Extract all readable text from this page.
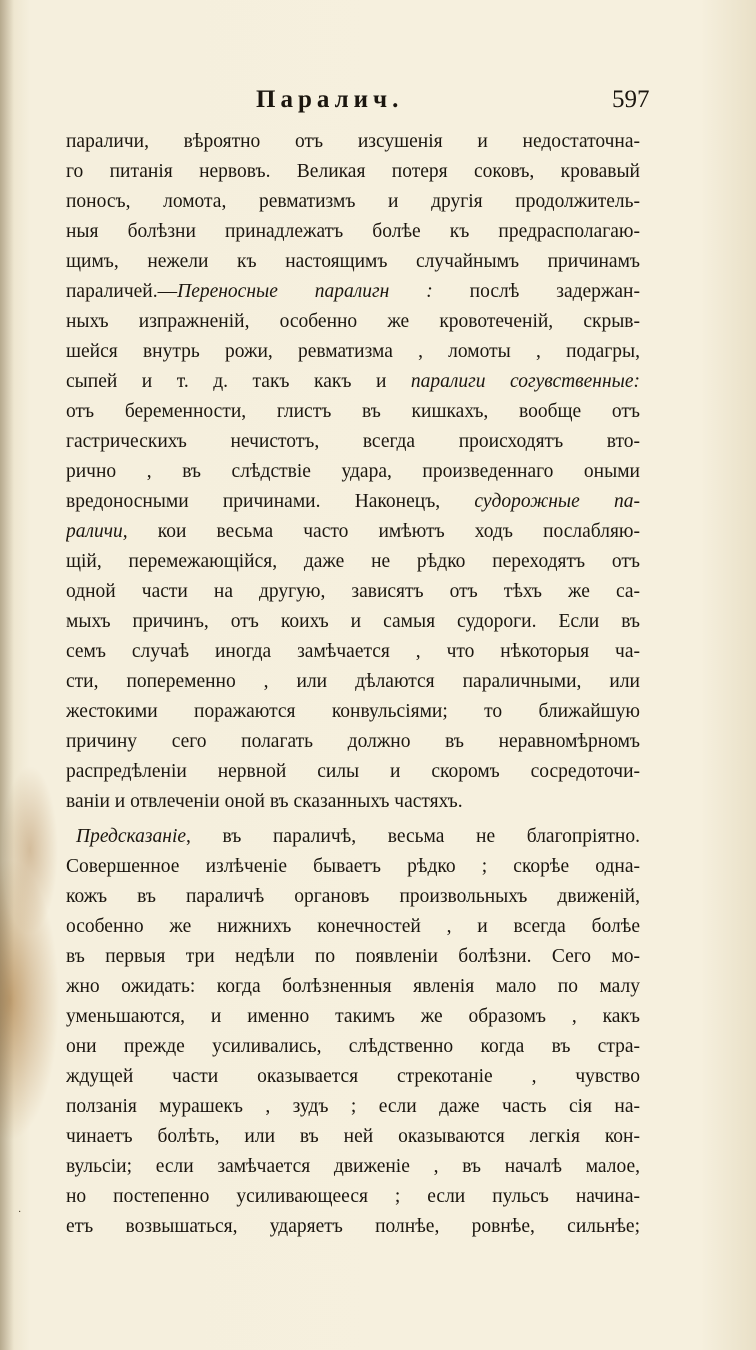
Паралич.	597
параличи, вѣроятно отъ изсушенія и недостаточна-
го питанія нервовъ. Великая потеря соковъ, кровавый
поносъ, ломота, ревматизмъ и другія продолжитель-
ныя болѣзни принадлежатъ болѣе къ предрасполагаю-
щимъ, нежели къ настоящимъ случайнымъ причинамъ
параличей.—Переносные паралигн : послѣ задержан-
ныхъ изпражненій, особенно же кровотеченій, скрыв-
шейся внутрь рожи, ревматизма , ломоты , подагры,
сыпей и т. д. такъ какъ и паралиги согувственные:
отъ беременности, глистъ въ кишкахъ, вообще отъ
гастрическихъ нечистотъ, всегда происходятъ вто-
рично , въ слѣдствіе удара, произведеннаго оными
вредоносными причинами. Наконецъ, судорожные па-
раличи, кои весьма часто имѣютъ ходъ послабляю-
щій, перемежающійся, даже не рѣдко переходятъ отъ
одной части на другую, зависятъ отъ тѣхъ же са-
мыхъ причинъ, отъ коихъ и самыя судороги. Если въ
семъ случаѣ иногда замѣчается , что нѣкоторыя ча-
сти, попеременно , или дѣлаются параличными, или
жестокими поражаются конвульсіями; то ближайшую
причину сего полагать должно въ неравномѣрномъ
распредѣленіи нервной силы и скоромъ сосредоточи-
ваніи и отвлеченіи оной въ сказанныхъ частяхъ.
Предсказаніе, въ параличѣ, весьма не благопріятно.
Совершенное излѣченіе бываетъ рѣдко ; скорѣе одна-
кожъ въ параличѣ органовъ произвольныхъ движеній,
особенно же нижнихъ конечностей , и всегда болѣе
въ первыя три недѣли по появленіи болѣзни. Сего мо-
жно ожидать: когда болѣзненныя явленія мало по малу
уменьшаются, и именно такимъ же образомъ , какъ
они прежде усиливались, слѣдственно когда въ стра-
ждущей части оказывается стрекотаніе , чувство
ползанія мурашекъ , зудъ ; если даже часть сія на-
чинаетъ болѣть, или въ ней оказываются легкія кон-
вульсіи; если замѣчается движеніе , въ началѣ малое,
но постепенно усиливающееся ; если пульсъ начина-
етъ возвышаться, ударяетъ полнѣе, ровнѣе, сильнѣе;
·
